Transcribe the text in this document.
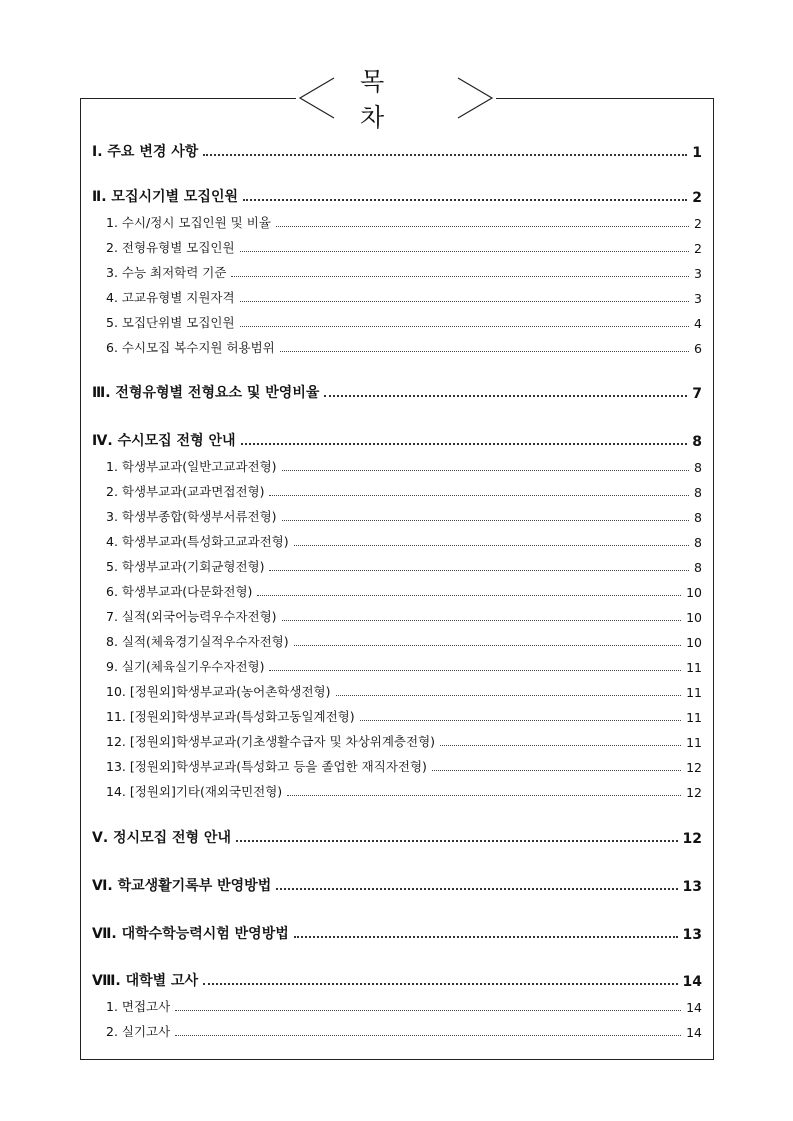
목 차
Ⅰ. 주요 변경 사항	1
Ⅱ. 모집시기별 모집인원	2
1. 수시/정시 모집인원 및 비율	2
2. 전형유형별 모집인원	2
3. 수능 최저학력 기준	3
4. 고교유형별 지원자격	3
5. 모집단위별 모집인원	4
6. 수시모집 복수지원 허용범위	6
Ⅲ. 전형유형별 전형요소 및 반영비율	7
Ⅳ. 수시모집 전형 안내	8
1. 학생부교과(일반고교과전형)	8
2. 학생부교과(교과면접전형)	8
3. 학생부종합(학생부서류전형)	8
4. 학생부교과(특성화고교과전형)	8
5. 학생부교과(기회균형전형)	8
6. 학생부교과(다문화전형)	10
7. 실적(외국어능력우수자전형)	10
8. 실적(체육경기실적우수자전형)	10
9. 실기(체육실기우수자전형)	11
10. [정원외]학생부교과(농어촌학생전형)	11
11. [정원외]학생부교과(특성화고동일계전형)	11
12. [정원외]학생부교과(기초생활수급자 및 차상위계층전형)	11
13. [정원외]학생부교과(특성화고 등을 졸업한 재직자전형)	12
14. [정원외]기타(재외국민전형)	12
Ⅴ. 정시모집 전형 안내	12
Ⅵ. 학교생활기록부 반영방법	13
Ⅶ. 대학수학능력시험 반영방법	13
Ⅷ. 대학별 고사	14
1. 면접고사	14
2. 실기고사	14
